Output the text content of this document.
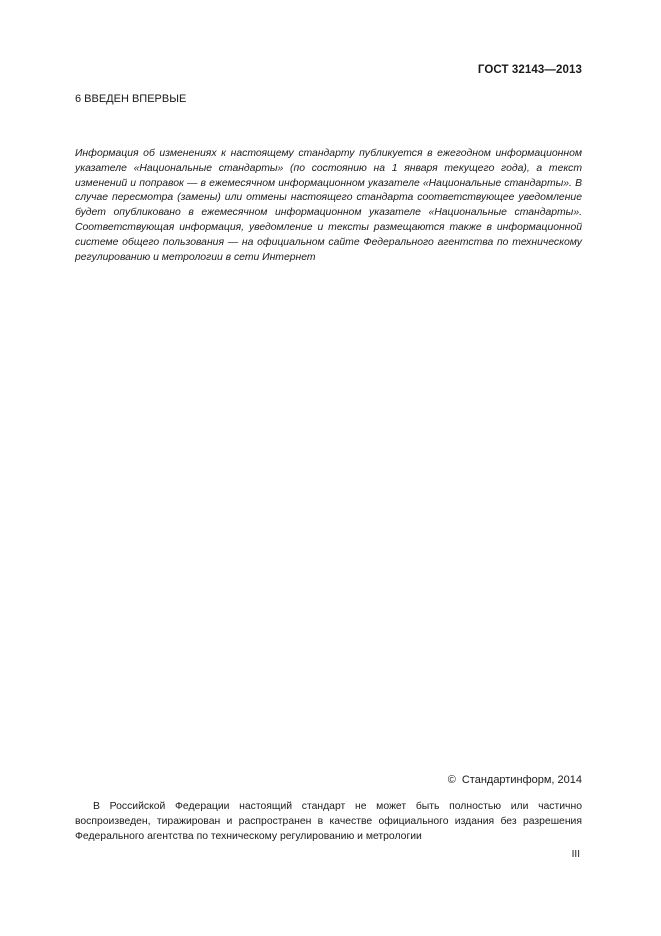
ГОСТ 32143—2013
6 ВВЕДЕН ВПЕРВЫЕ
Информация об изменениях к настоящему стандарту публикуется в ежегодном информационном указателе «Национальные стандарты» (по состоянию на 1 января текущего года), а текст изменений и поправок — в ежемесячном информационном указателе «Национальные стандарты». В случае пересмотра (замены) или отмены настоящего стандарта соответствующее уведомление будет опубликовано в ежемесячном информационном указателе «Национальные стандарты». Соответствующая информация, уведомление и тексты размещаются также в информационной системе общего пользования — на официальном сайте Федерального агентства по техническому регулированию и метрологии в сети Интернет
© Стандартинформ, 2014
В Российской Федерации настоящий стандарт не может быть полностью или частично воспроизведен, тиражирован и распространен в качестве официального издания без разрешения Федерального агентства по техническому регулированию и метрологии
III
